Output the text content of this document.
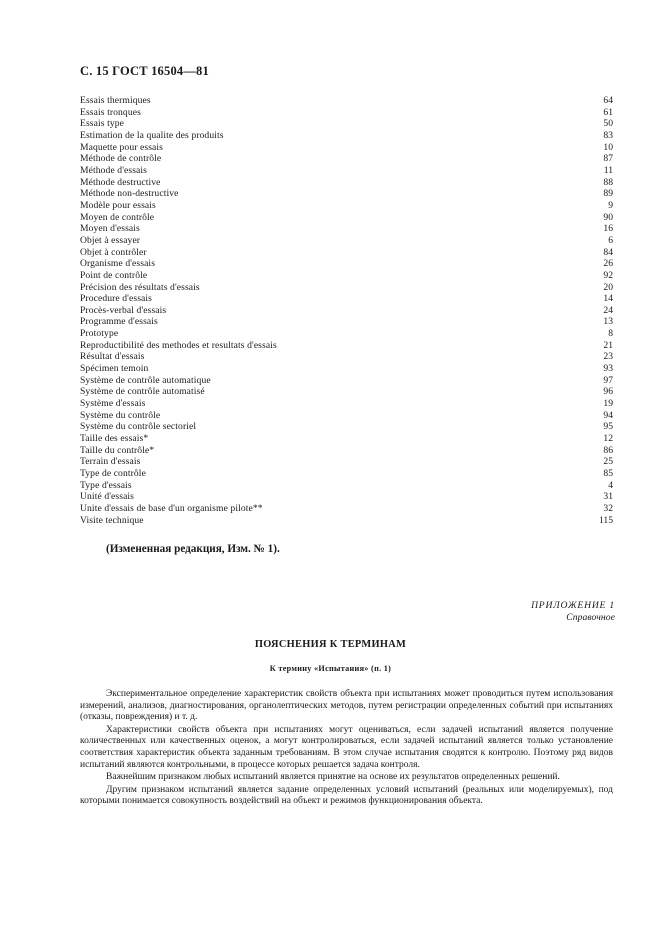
С. 15 ГОСТ 16504—81
Essais thermiques	64
Essais tronques	61
Essais type	50
Estimation de la qualite des produits	83
Maquette pour essais	10
Méthode de contrôle	87
Méthode d'essais	11
Méthode destructive	88
Méthode non-destructive	89
Modèle pour essais	9
Moyen de contrôle	90
Moyen d'essais	16
Objet à essayer	6
Objet à contrôler	84
Organisme d'essais	26
Point de contrôle	92
Précision des résultats d'essais	20
Procedure d'essais	14
Procès-verbal d'essais	24
Programme d'essais	13
Prototype	8
Reproductibilité des methodes et resultats d'essais	21
Résultat d'essais	23
Spécimen temoin	93
Système de contrôle automatique	97
Système de contrôle automatisé	96
Système d'essais	19
Système du contrôle	94
Système du contrôle sectoriel	95
Taille des essais*	12
Taille du contrôle*	86
Terrain d'essais	25
Type de contrôle	85
Type d'essais	4
Unité d'essais	31
Unite d'essais de base d'un organisme pilote**	32
Visite technique	115
(Измененная редакция, Изм. № 1).
ПРИЛОЖЕНИЕ 1
Справочное
ПОЯСНЕНИЯ К ТЕРМИНАМ
К термину «Испытания» (п. 1)

Экспериментальное определение характеристик свойств объекта при испытаниях может проводиться путем использования измерений, анализов, диагностирования, органолептических методов, путем регистрации определенных событий при испытаниях (отказы, повреждения) и т. д.

Характеристики свойств объекта при испытаниях могут оцениваться, если задачей испытаний является получение количественных или качественных оценок, а могут контролироваться, если задачей испытаний является только установление соответствия характеристик объекта заданным требованиям. В этом случае испытания сводятся к контролю. Поэтому ряд видов испытаний являются контрольными, в процессе которых решается задача контроля.

Важнейшим признаком любых испытаний является принятие на основе их результатов определенных решений.

Другим признаком испытаний является задание определенных условий испытаний (реальных или моделируемых), под которыми понимается совокупность воздействий на объект и режимов функционирования объекта.
